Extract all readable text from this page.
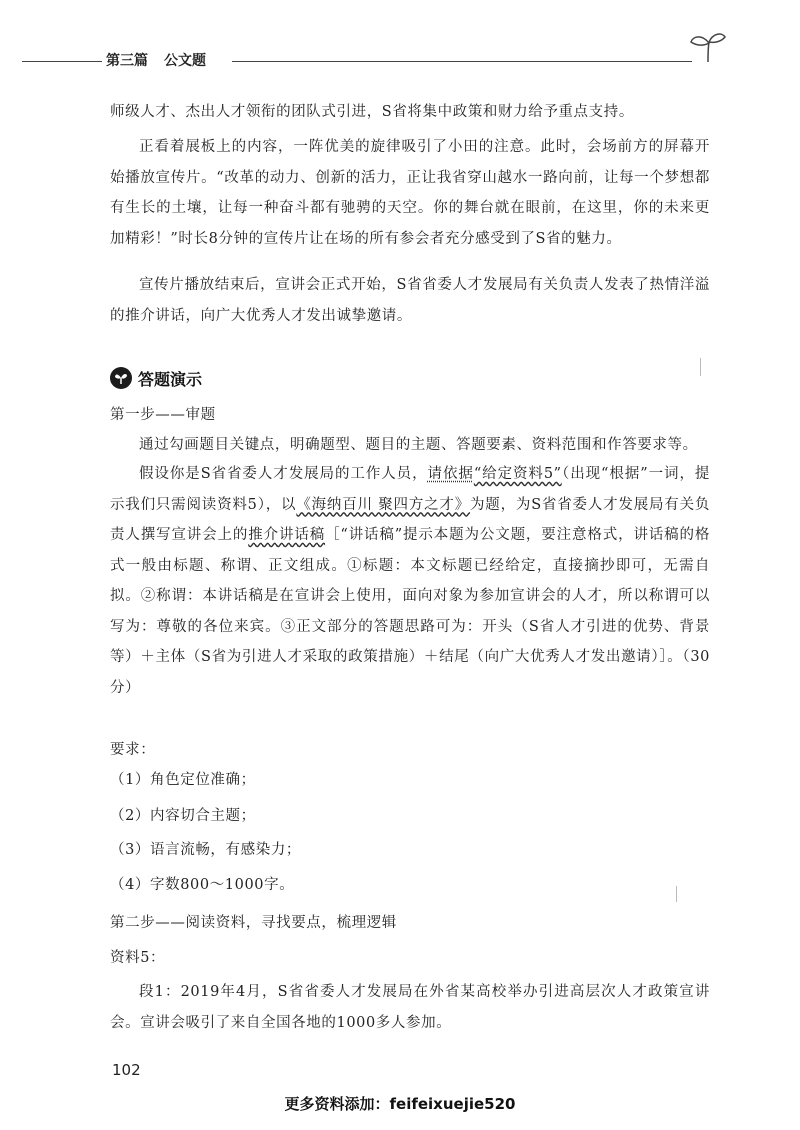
第三篇 公文题

师级人才、杰出人才领衔的团队式引进，S省将集中政策和财力给予重点支持。

正看着展板上的内容，一阵优美的旋律吸引了小田的注意。此时，会场前方的屏幕开始播放宣传片。“改革的动力、创新的活力，正让我省穿山越水一路向前，让每一个梦想都有生长的土壤，让每一种奋斗都有驰骋的天空。你的舞台就在眼前，在这里，你的未来更加精彩！”时长8分钟的宣传片让在场的所有参会者充分感受到了S省的魅力。

宣传片播放结束后，宣讲会正式开始，S省省委人才发展局有关负责人发表了热情洋溢的推介讲话，向广大优秀人才发出诚挚邀请。

答题演示
第一步——审题

通过勾画题目关键点，明确题型、题目的主题、答题要素、资料范围和作答要求等。

假设你是S省省委人才发展局的工作人员，请依据“给定资料5”（出现“根据”一词，提示我们只需阅读资料5），以《海纳百川 聚四方之才》为题，为S省省委人才发展局有关负责人撰写宣讲会上的推介讲话稿［“讲话稿”提示本题为公文题，要注意格式，讲话稿的格式一般由标题、称谓、正文组成。①标题：本文标题已经给定，直接摘抄即可，无需自拟。②称谓：本讲话稿是在宣讲会上使用，面向对象为参加宣讲会的人才，所以称谓可以写为：尊敬的各位来宾。③正文部分的答题思路可为：开头（S省人才引进的优势、背景等）＋主体（S省为引进人才采取的政策措施）＋结尾（向广大优秀人才发出邀请）］。（30分）

要求：
（1）角色定位准确；
（2）内容切合主题；
（3）语言流畅，有感染力；
（4）字数800～1000字。
第二步——阅读资料，寻找要点，梳理逻辑
资料5：

段1：2019年4月，S省省委人才发展局在外省某高校举办引进高层次人才政策宣讲会。宣讲会吸引了来自全国各地的1000多人参加。

102
更多资料添加：feifeixuejie520
